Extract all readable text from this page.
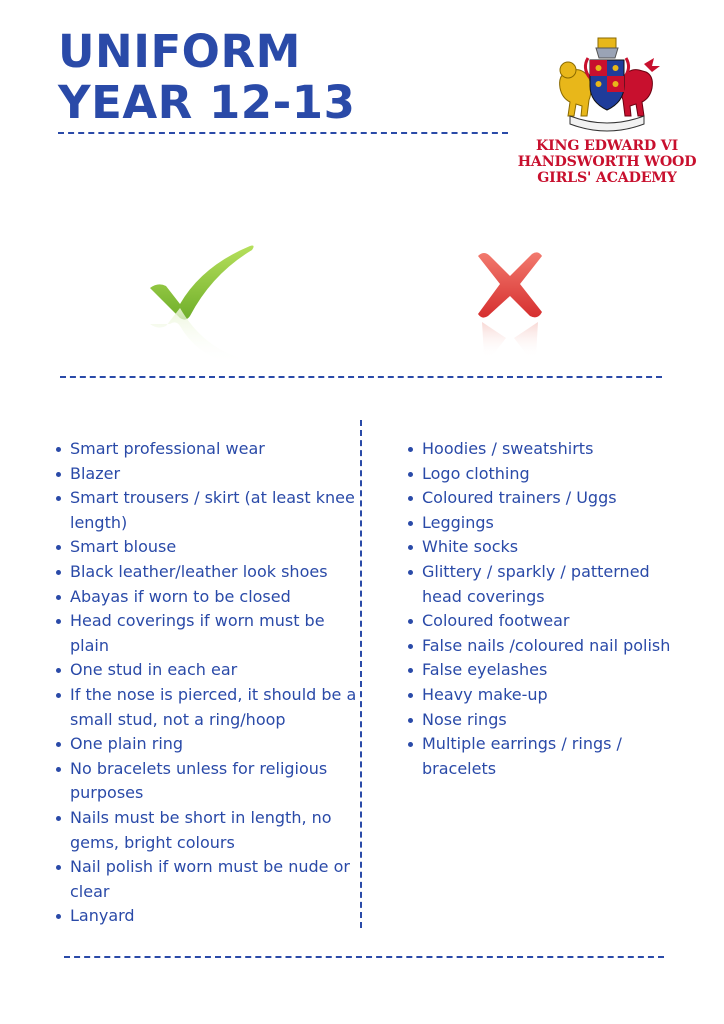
UNIFORM
YEAR 12-13
KING EDWARD VI
HANDSWORTH WOOD
GIRLS' ACADEMY
Smart professional wear
Blazer
Smart trousers / skirt (at least knee length)
Smart blouse
Black leather/leather look shoes
Abayas if worn to be closed
Head coverings if worn must be plain
One stud in each ear
If the nose is pierced, it should be a small stud, not a ring/hoop
One plain ring
No bracelets unless for religious purposes
Nails must be short in length, no gems, bright colours
Nail polish if worn must be nude or clear
Lanyard
Hoodies / sweatshirts
Logo clothing
Coloured trainers / Uggs
Leggings
White socks
Glittery / sparkly / patterned head coverings
Coloured footwear
False nails /coloured nail polish
False eyelashes
Heavy make-up
Nose rings
Multiple earrings / rings / bracelets
